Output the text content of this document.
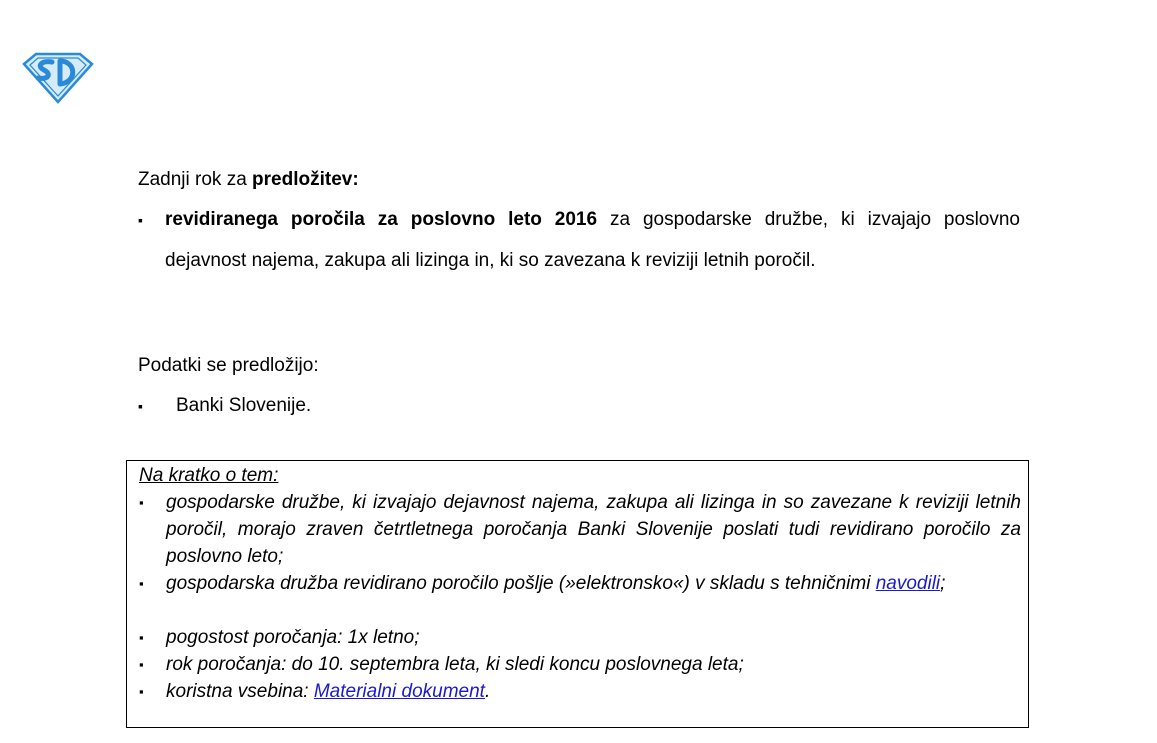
Zadnji rok za predložitev:

▪ revidiranega poročila za poslovno leto 2016 za gospodarske družbe, ki izvajajo poslovno dejavnost najema, zakupa ali lizinga in, ki so zavezana k reviziji letnih poročil.

Podatki se predložijo:

▪ Banki Slovenije.
Na kratko o tem:
▪ gospodarske družbe, ki izvajajo dejavnost najema, zakupa ali lizinga in so zavezane k reviziji letnih poročil, morajo zraven četrtletnega poročanja Banki Slovenije poslati tudi revidirano poročilo za poslovno leto;
▪ gospodarska družba revidirano poročilo pošlje (»elektronsko«) v skladu s tehničnimi navodili;
▪ pogostost poročanja: 1x letno;
▪ rok poročanja: do 10. septembra leta, ki sledi koncu poslovnega leta;
▪ koristna vsebina: Materialni dokument.
